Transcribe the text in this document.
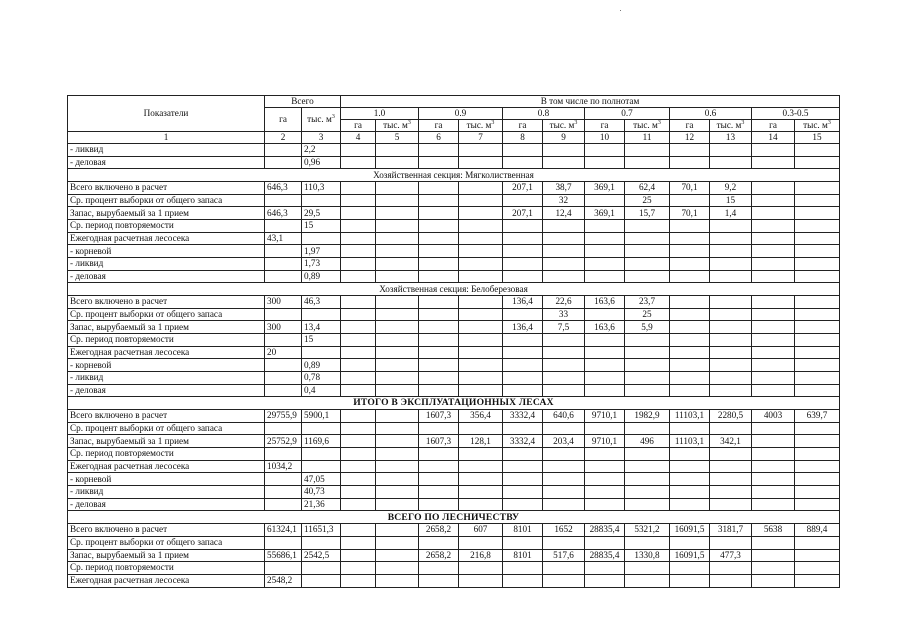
Показатели	Всего		В том числе по полнотам											
	га	тыс. $м^3$	1.0		0.9		0.8		0.7		0.6		0.3-0.5	
			га	тыс. $м^3$	га	тыс. $м^3$	га	тыс. $м^3$	га	тыс. $м^3$	га	тыс. $м^3$	га	тыс. $м^3$
1	2	3	4	5	6	7	8	9	10	11	12	13	14	15
- ликвид		2,2												
- деловая		0,96												
Хозяйственная секция: Мягколиственная														
Всего включено в расчет	646,3	110,3					207,1	38,7	369,1	62,4	70,1	9,2		
Ср. процент выборки от общего запаса								32		25		15		
Запас, вырубаемый за 1 прием	646,3	29,5					207,1	12,4	369,1	15,7	70,1	1,4		
Ср. период повторяемости		15												
Ежегодная расчетная лесосека	43,1													
- корневой		1,97												
- ликвид		1,73												
- деловая		0,89												
Хозяйственная секция: Белоберезовая														
Всего включено в расчет	300	46,3					136,4	22,6	163,6	23,7				
Ср. процент выборки от общего запаса								33		25				
Запас, вырубаемый за 1 прием	300	13,4					136,4	7,5	163,6	5,9				
Ср. период повторяемости		15												
Ежегодная расчетная лесосека	20													
- корневой		0,89												
- ликвид		0,78												
- деловая		0,4												
ИТОГО В ЭКСПЛУАТАЦИОННЫХ ЛЕСАХ														
Всего включено в расчет	29755,9	5900,1			1607,3	356,4	3332,4	640,6	9710,1	1982,9	11103,1	2280,5	4003	639,7
Ср. процент выборки от общего запаса														
Запас, вырубаемый за 1 прием	25752,9	1169,6			1607,3	128,1	3332,4	203,4	9710,1	496	11103,1	342,1		
Ср. период повторяемости														
Ежегодная расчетная лесосека	1034,2													
- корневой		47,05												
- ликвид		40,73												
- деловая		21,36												
ВСЕГО ПО ЛЕСНИЧЕСТВУ														
Всего включено в расчет	61324,1	11651,3			2658,2	607	8101	1652	28835,4	5321,2	16091,5	3181,7	5638	889,4
Ср. процент выборки от общего запаса														
Запас, вырубаемый за 1 прием	55686,1	2542,5			2658,2	216,8	8101	517,6	28835,4	1330,8	16091,5	477,3		
Ср. период повторяемости														
Ежегодная расчетная лесосека	2548,2													
